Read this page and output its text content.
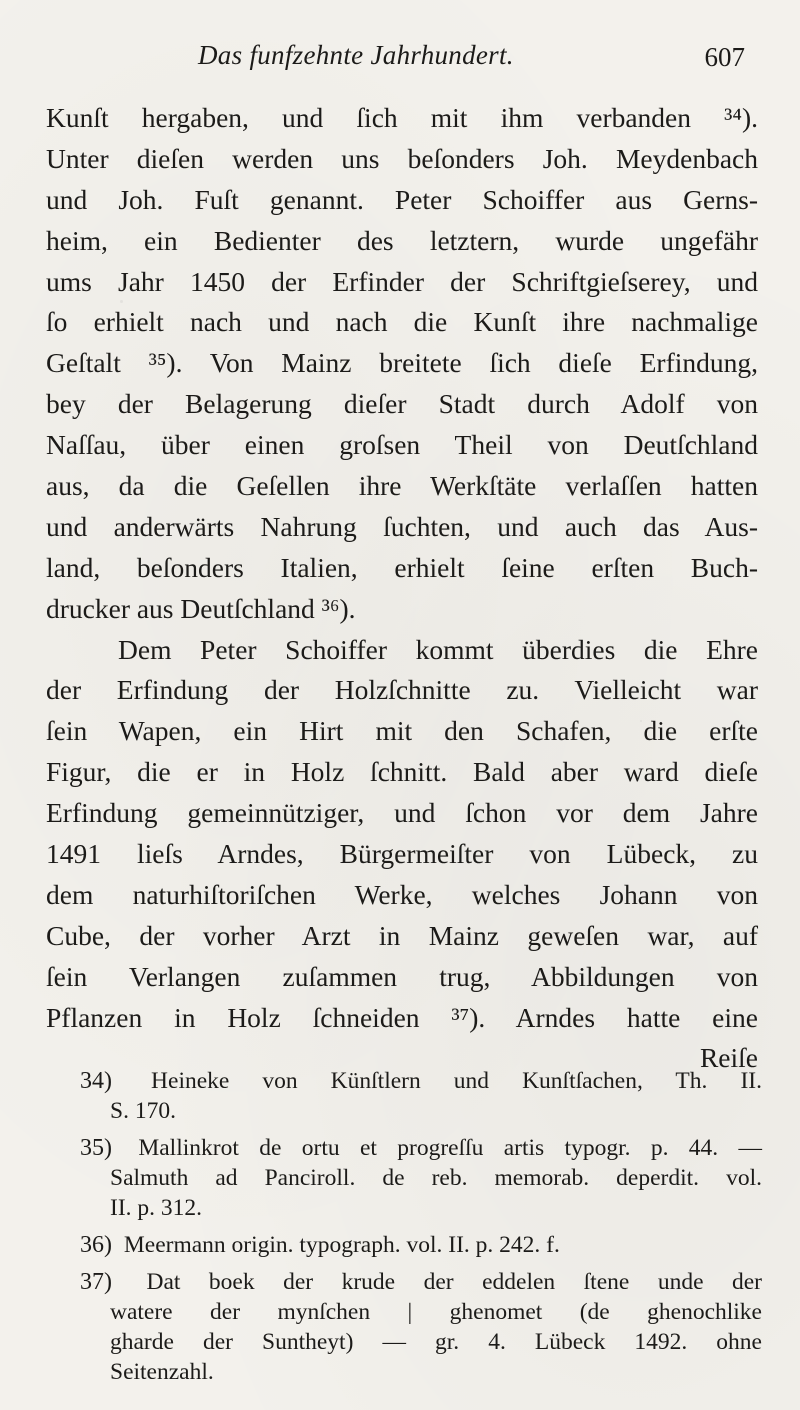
Das funfzehnte Jahrhundert.	607
Kunſt hergaben, und ſich mit ihm verbanden ³⁴).
Unter dieſen werden uns beſonders Joh. Meydenbach
und Joh. Fuſt genannt. Peter Schoiffer aus Gerns-
heim, ein Bedienter des letztern, wurde ungefähr
ums Jahr 1450 der Erfinder der Schriftgieſserey, und
ſo erhielt nach und nach die Kunſt ihre nachmalige
Geſtalt ³⁵). Von Mainz breitete ſich dieſe Erfindung,
bey der Belagerung dieſer Stadt durch Adolf von
Naſſau, über einen groſsen Theil von Deutſchland
aus, da die Geſellen ihre Werkſtäte verlaſſen hatten
und anderwärts Nahrung ſuchten, und auch das Aus-
land, beſonders Italien, erhielt ſeine erſten Buch-
drucker aus Deutſchland ³⁶).
Dem Peter Schoiffer kommt überdies die Ehre
der Erfindung der Holzſchnitte zu. Vielleicht war
ſein Wapen, ein Hirt mit den Schafen, die erſte
Figur, die er in Holz ſchnitt. Bald aber ward dieſe
Erfindung gemeinnütziger, und ſchon vor dem Jahre
1491 lieſs Arndes, Bürgermeiſter von Lübeck, zu
dem naturhiſtoriſchen Werke, welches Johann von
Cube, der vorher Arzt in Mainz geweſen war, auf
ſein Verlangen zuſammen trug, Abbildungen von
Pflanzen in Holz ſchneiden ³⁷). Arndes hatte eine
Reiſe
34) Heineke von Künſtlern und Kunſtſachen, Th. II.
S. 170.
35) Mallinkrot de ortu et progreſſu artis typogr. p. 44. —
Salmuth ad Panciroll. de reb. memorab. deperdit. vol.
II. p. 312.
36) Meermann origin. typograph. vol. II. p. 242. f.
37) Dat boek der krude der eddelen ſtene unde der
watere der mynſchen | ghenomet (de ghenochlike
gharde der Suntheyt) — gr. 4. Lübeck 1492. ohne
Seitenzahl.
